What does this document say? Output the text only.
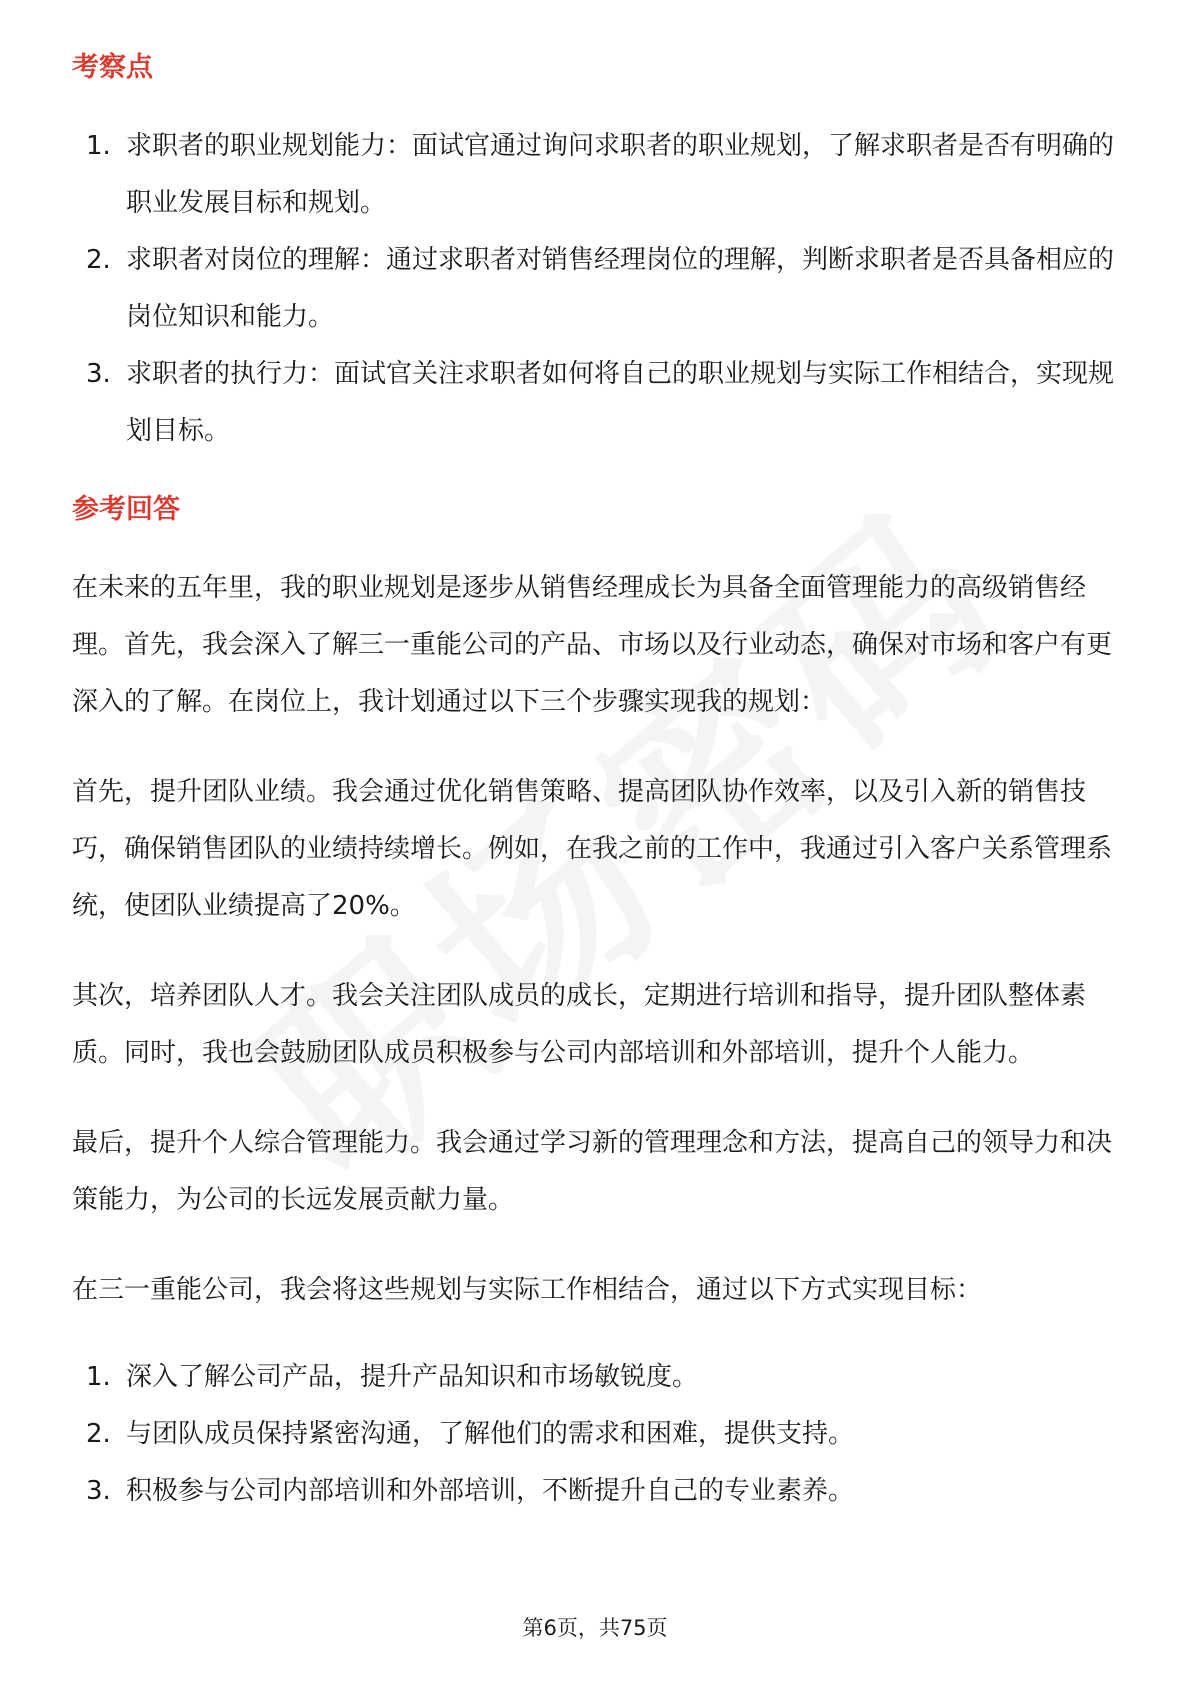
考察点
1. 求职者的职业规划能力：面试官通过询问求职者的职业规划，了解求职者是否有明确的职业发展目标和规划。
2. 求职者对岗位的理解：通过求职者对销售经理岗位的理解，判断求职者是否具备相应的岗位知识和能力。
3. 求职者的执行力：面试官关注求职者如何将自己的职业规划与实际工作相结合，实现规划目标。
参考回答

在未来的五年里，我的职业规划是逐步从销售经理成长为具备全面管理能力的高级销售经理。首先，我会深入了解三一重能公司的产品、市场以及行业动态，确保对市场和客户有更深入的了解。在岗位上，我计划通过以下三个步骤实现我的规划：

首先，提升团队业绩。我会通过优化销售策略、提高团队协作效率，以及引入新的销售技巧，确保销售团队的业绩持续增长。例如，在我之前的工作中，我通过引入客户关系管理系统，使团队业绩提高了20%。

其次，培养团队人才。我会关注团队成员的成长，定期进行培训和指导，提升团队整体素质。同时，我也会鼓励团队成员积极参与公司内部培训和外部培训，提升个人能力。

最后，提升个人综合管理能力。我会通过学习新的管理理念和方法，提高自己的领导力和决策能力，为公司的长远发展贡献力量。

在三一重能公司，我会将这些规划与实际工作相结合，通过以下方式实现目标：

1. 深入了解公司产品，提升产品知识和市场敏锐度。
2. 与团队成员保持紧密沟通，了解他们的需求和困难，提供支持。
3. 积极参与公司内部培训和外部培训，不断提升自己的专业素养。
第6页，共75页
